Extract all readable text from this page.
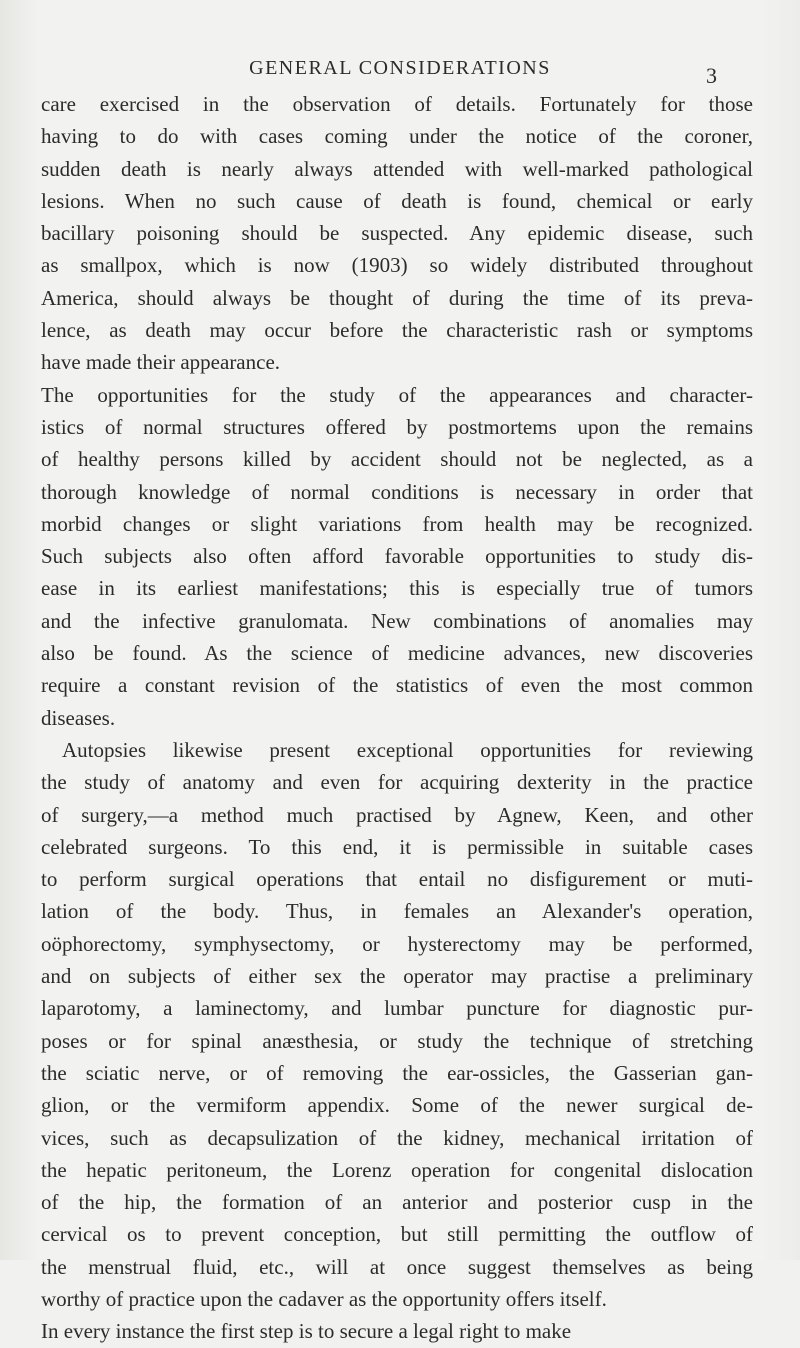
GENERAL CONSIDERATIONS	3

care exercised in the observation of details. Fortunately for those
having to do with cases coming under the notice of the coroner,
sudden death is nearly always attended with well-marked pathological
lesions. When no such cause of death is found, chemical or early
bacillary poisoning should be suspected. Any epidemic disease, such
as smallpox, which is now (1903) so widely distributed throughout
America, should always be thought of during the time of its preva-
lence, as death may occur before the characteristic rash or symptoms
have made their appearance.

The opportunities for the study of the appearances and character-
istics of normal structures offered by postmortems upon the remains
of healthy persons killed by accident should not be neglected, as a
thorough knowledge of normal conditions is necessary in order that
morbid changes or slight variations from health may be recognized.
Such subjects also often afford favorable opportunities to study dis-
ease in its earliest manifestations; this is especially true of tumors
and the infective granulomata. New combinations of anomalies may
also be found. As the science of medicine advances, new discoveries
require a constant revision of the statistics of even the most common
diseases.

Autopsies likewise present exceptional opportunities for reviewing
the study of anatomy and even for acquiring dexterity in the practice
of surgery,—a method much practised by Agnew, Keen, and other
celebrated surgeons. To this end, it is permissible in suitable cases
to perform surgical operations that entail no disfigurement or muti-
lation of the body. Thus, in females an Alexander's operation,
oöphorectomy, symphysectomy, or hysterectomy may be performed,
and on subjects of either sex the operator may practise a preliminary
laparotomy, a laminectomy, and lumbar puncture for diagnostic pur-
poses or for spinal anæsthesia, or study the technique of stretching
the sciatic nerve, or of removing the ear-ossicles, the Gasserian gan-
glion, or the vermiform appendix. Some of the newer surgical de-
vices, such as decapsulization of the kidney, mechanical irritation of
the hepatic peritoneum, the Lorenz operation for congenital dislocation
of the hip, the formation of an anterior and posterior cusp in the
cervical os to prevent conception, but still permitting the outflow of
the menstrual fluid, etc., will at once suggest themselves as being
worthy of practice upon the cadaver as the opportunity offers itself.

In every instance the first step is to secure a legal right to make
